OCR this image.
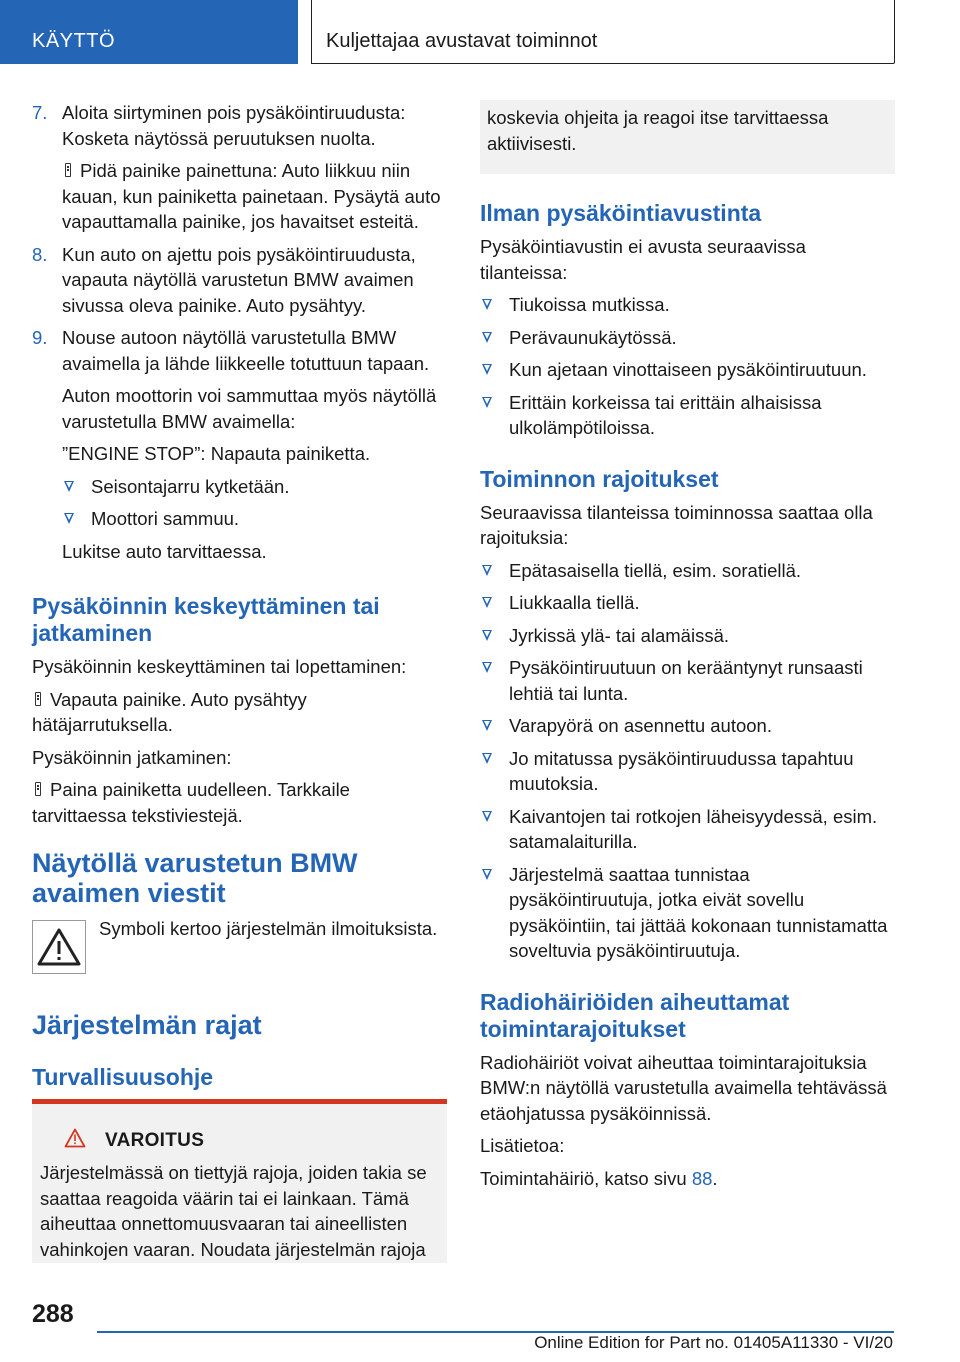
KÄYTTÖ	Kuljettajaa avustavat toiminnot
7. Aloita siirtyminen pois pysäköintiruudusta: Kosketa näytössä peruutuksen nuolta.

Pidä painike painettuna: Auto liikkuu niin kauan, kun painiketta painetaan. Pysäytä auto vapauttamalla painike, jos havaitset esteitä.

8. Kun auto on ajettu pois pysäköintiruudusta, vapauta näytöllä varustetun BMW avaimen sivussa oleva painike. Auto pysähtyy.

9. Nouse autoon näytöllä varustetulla BMW avaimella ja lähde liikkeelle totuttuun tapaan.

Auton moottorin voi sammuttaa myös näytöllä varustetulla BMW avaimella:

”ENGINE STOP”: Napauta painiketta.

Seisontajarru kytketään.

Moottori sammuu.

Lukitse auto tarvittaessa.

Pysäköinnin keskeyttäminen tai jatkaminen

Pysäköinnin keskeyttäminen tai lopettaminen:

Vapauta painike. Auto pysähtyy hätäjarrutuksella.

Pysäköinnin jatkaminen:

Paina painiketta uudelleen. Tarkkaile tarvittaessa tekstiviestejä.

Näytöllä varustetun BMW avaimen viestit

Symboli kertoo järjestelmän ilmoituksista.

Järjestelmän rajat
Turvallisuusohje
VAROITUS

Järjestelmässä on tiettyjä rajoja, joiden takia se saattaa reagoida väärin tai ei lainkaan. Tämä aiheuttaa onnettomuusvaaran tai aineellisten vahinkojen vaaran. Noudata järjestelmän rajoja

koskevia ohjeita ja reagoi itse tarvittaessa aktiivisesti.

Ilman pysäköintiavustinta

Pysäköintiavustin ei avusta seuraavissa tilanteissa:

Tiukoissa mutkissa.

Perävaunukäytössä.

Kun ajetaan vinottaiseen pysäköintiruutuun.

Erittäin korkeissa tai erittäin alhaisissa ulkolämpötiloissa.

Toiminnon rajoitukset

Seuraavissa tilanteissa toiminnossa saattaa olla rajoituksia:

Epätasaisella tiellä, esim. soratiellä.

Liukkaalla tiellä.

Jyrkissä ylä- tai alamäissä.

Pysäköintiruutuun on kerääntynyt runsaasti lehtiä tai lunta.

Varapyörä on asennettu autoon.

Jo mitatussa pysäköintiruudussa tapahtuu muutoksia.

Kaivantojen tai rotkojen läheisyydessä, esim. satamalaiturilla.

Järjestelmä saattaa tunnistaa pysäköintiruutuja, jotka eivät sovellu pysäköintiin, tai jättää kokonaan tunnistamatta soveltuvia pysäköintiruutuja.

Radiohäiriöiden aiheuttamat toimintarajoitukset

Radiohäiriöt voivat aiheuttaa toimintarajoituksia BMW:n näytöllä varustetulla avaimella tehtävässä etäohjatussa pysäköinnissä.

Lisätietoa:

Toimintahäiriö, katso sivu 88.

288
Online Edition for Part no. 01405A11330 - VI/20
